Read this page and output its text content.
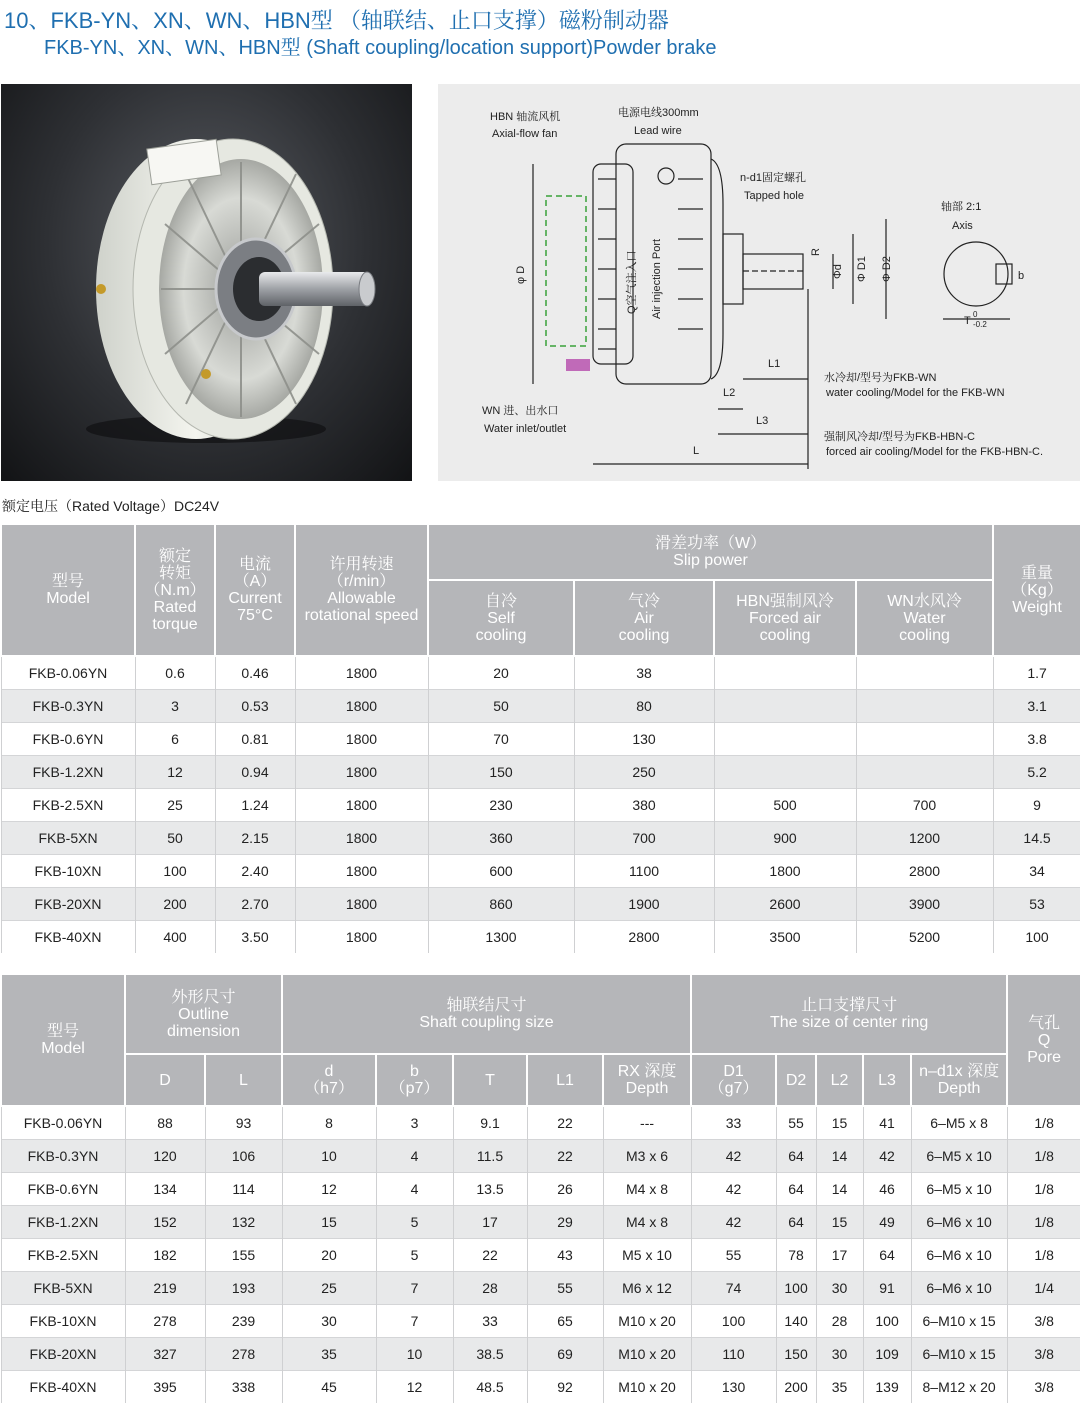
10、FKB-YN、XN、WN、HBN型 （轴联结、止口支撑）磁粉制动器
FKB-YN、XN、WN、HBN型 (Shaft coupling/location support)Powder brake
HBN 轴流风机
Axial-flow fan
电源电线300mm
Lead wire
n-d1固定螺孔
Tapped hole
轴部 2:1
Axis
WN 进、出水口
Water inlet/outlet
水冷却/型号为FKB-WN
water cooling/Model for the FKB-WN
强制风冷却/型号为FKB-HBN-C
forced air cooling/Model for the FKB-HBN-C.
L
L1
L2
L3
b
T
0
-0.2
φ D	Φd Φ D1 Φ D2
R
Q空气注入口 Air injection Port
额定电压（Rated Voltage）DC24V
型号
Model	额定
转矩
（N.m）
Rated
torque	电流
（A）
Current
75°C	许用转速
（r/min）
Allowable
rotational speed	滑差功率（W）
Slip power				重量
（Kg）
Weight
				自冷
Self
cooling	气冷
Air
cooling	HBN强制风冷
Forced air
cooling	WN水风冷
Water
cooling	
FKB-0.06YN	0.6	0.46	1800	20	38			1.7
FKB-0.3YN	3	0.53	1800	50	80			3.1
FKB-0.6YN	6	0.81	1800	70	130			3.8
FKB-1.2XN	12	0.94	1800	150	250			5.2
FKB-2.5XN	25	1.24	1800	230	380	500	700	9
FKB-5XN	50	2.15	1800	360	700	900	1200	14.5
FKB-10XN	100	2.40	1800	600	1100	1800	2800	34
FKB-20XN	200	2.70	1800	860	1900	2600	3900	53
FKB-40XN	400	3.50	1800	1300	2800	3500	5200	100
型号
Model	外形尺寸
Outline
dimension		轴联结尺寸
Shaft coupling size					止口支撑尺寸
The size of center ring					气孔
Q
Pore
	D	L	d
（h7）	b
（p7）	T	L1	RX 深度
Depth	D1
（g7）	D2	L2	L3	n–d1x 深度
Depth	
FKB-0.06YN	88	93	8	3	9.1	22	---	33	55	15	41	6–M5 x 8	1/8
FKB-0.3YN	120	106	10	4	11.5	22	M3 x 6	42	64	14	42	6–M5 x 10	1/8
FKB-0.6YN	134	114	12	4	13.5	26	M4 x 8	42	64	14	46	6–M5 x 10	1/8
FKB-1.2XN	152	132	15	5	17	29	M4 x 8	42	64	15	49	6–M6 x 10	1/8
FKB-2.5XN	182	155	20	5	22	43	M5 x 10	55	78	17	64	6–M6 x 10	1/8
FKB-5XN	219	193	25	7	28	55	M6 x 12	74	100	30	91	6–M6 x 10	1/4
FKB-10XN	278	239	30	7	33	65	M10 x 20	100	140	28	100	6–M10 x 15	3/8
FKB-20XN	327	278	35	10	38.5	69	M10 x 20	110	150	30	109	6–M10 x 15	3/8
FKB-40XN	395	338	45	12	48.5	92	M10 x 20	130	200	35	139	8–M12 x 20	3/8
